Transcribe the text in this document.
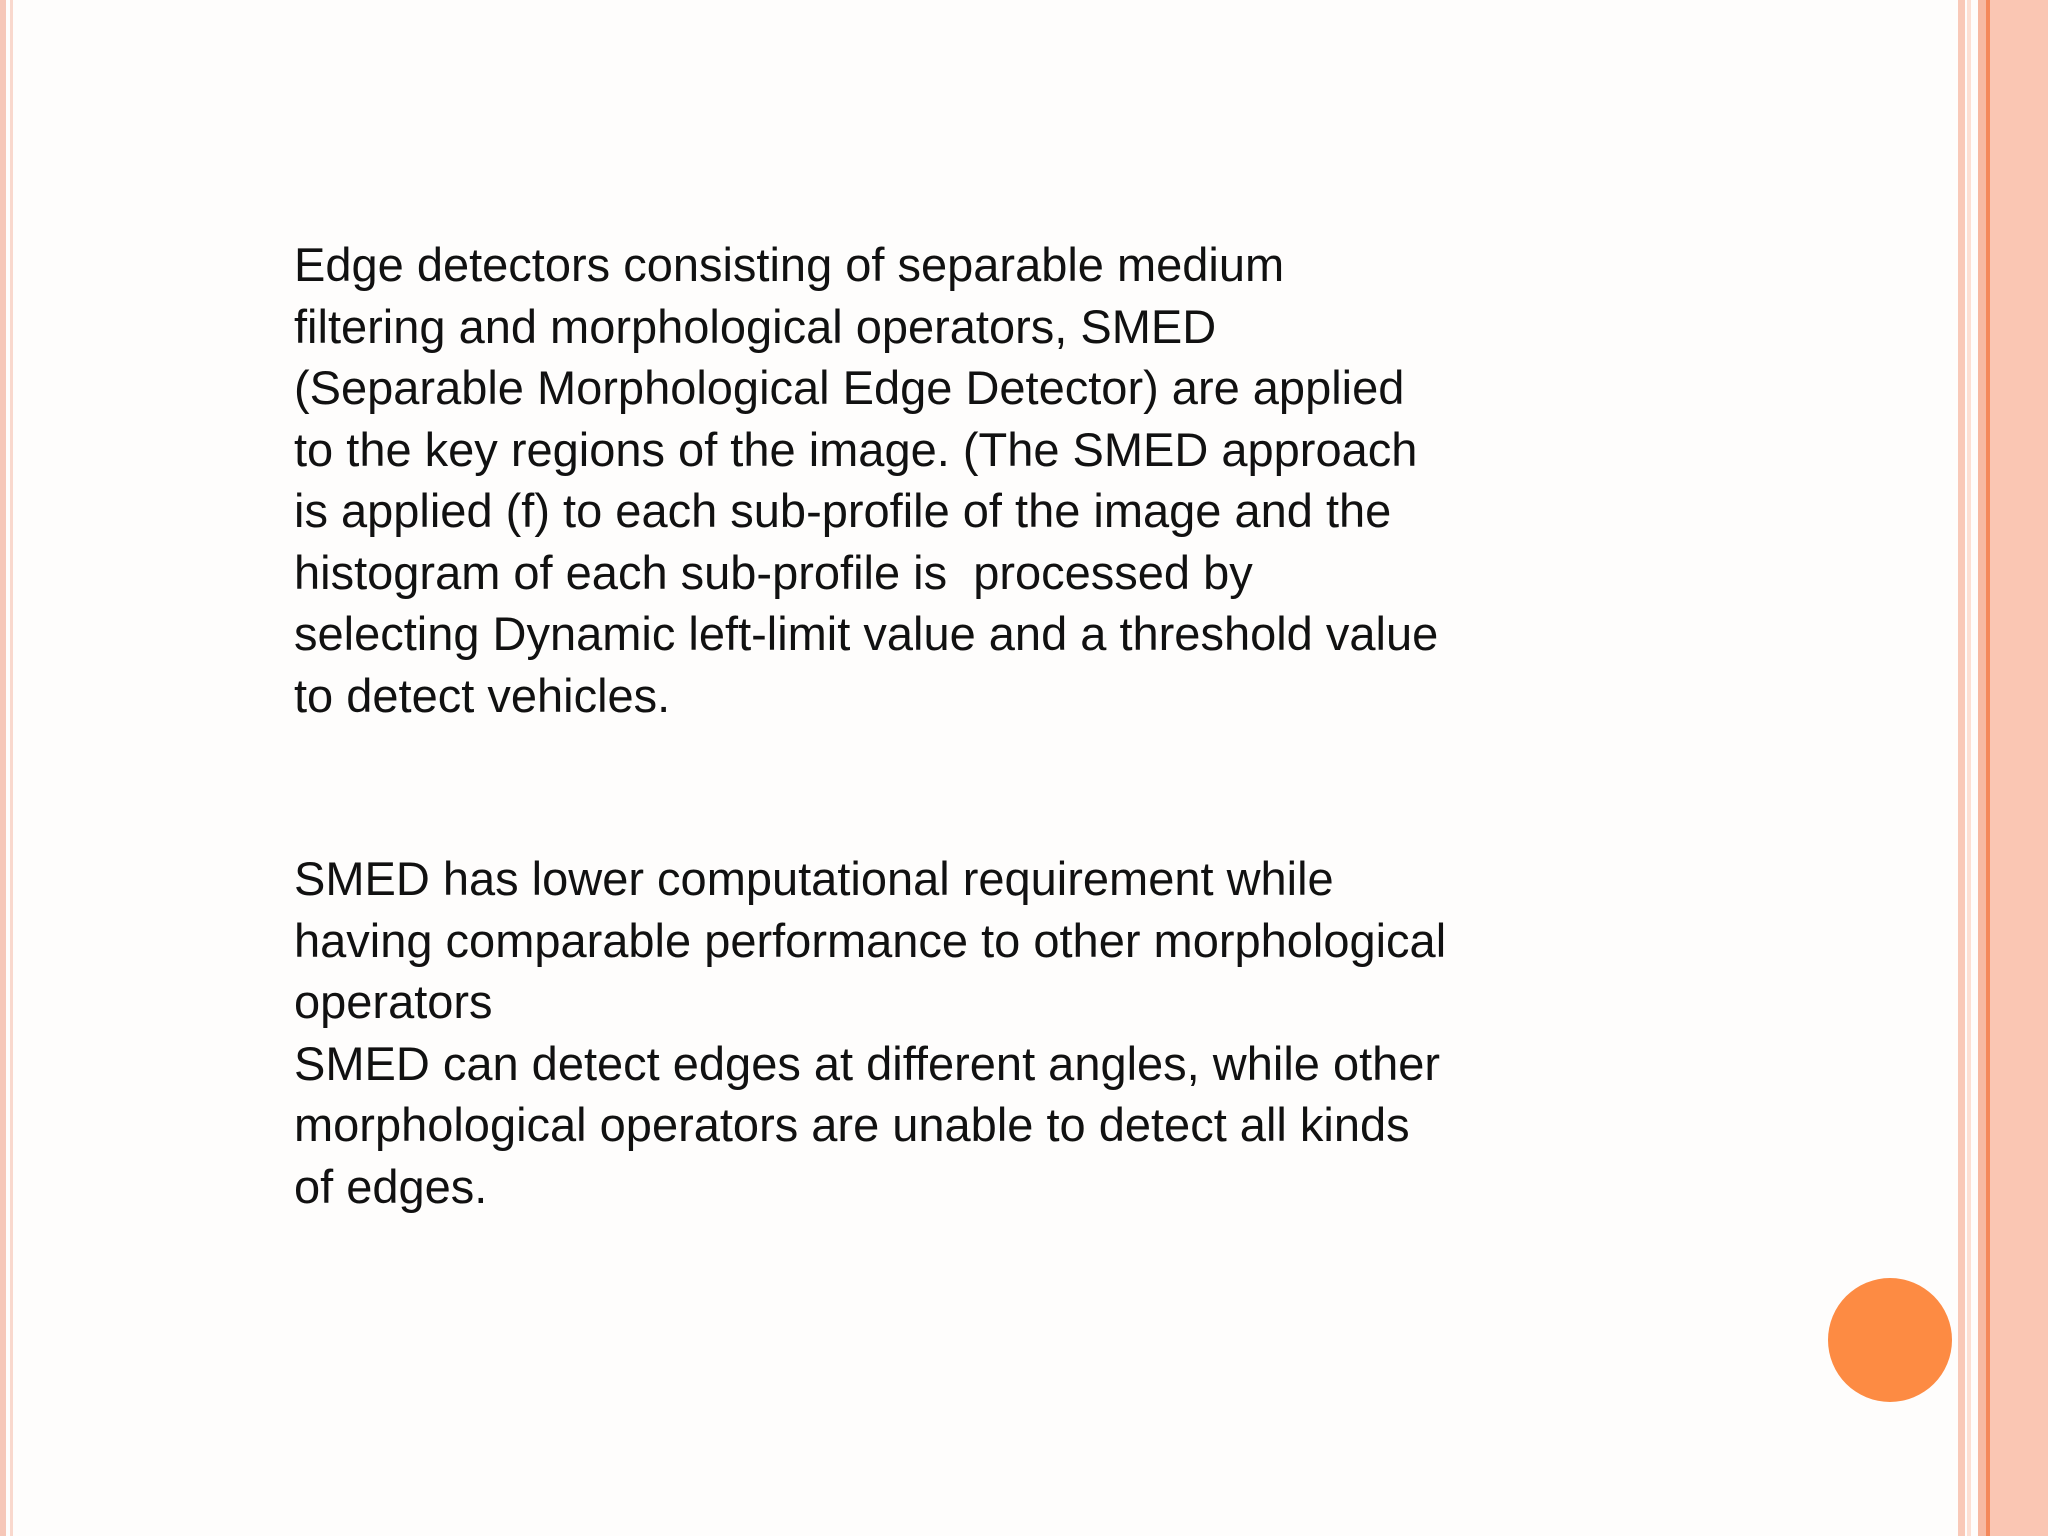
Edge detectors consisting of separable medium
filtering and morphological operators, SMED
(Separable Morphological Edge Detector) are applied
to the key regions of the image. (The SMED approach
is applied (f) to each sub-profile of the image and the
histogram of each sub-profile is  processed by
selecting Dynamic left-limit value and a threshold value
to detect vehicles.
SMED has lower computational requirement while
having comparable performance to other morphological
operators
SMED can detect edges at different angles, while other
morphological operators are unable to detect all kinds
of edges.
